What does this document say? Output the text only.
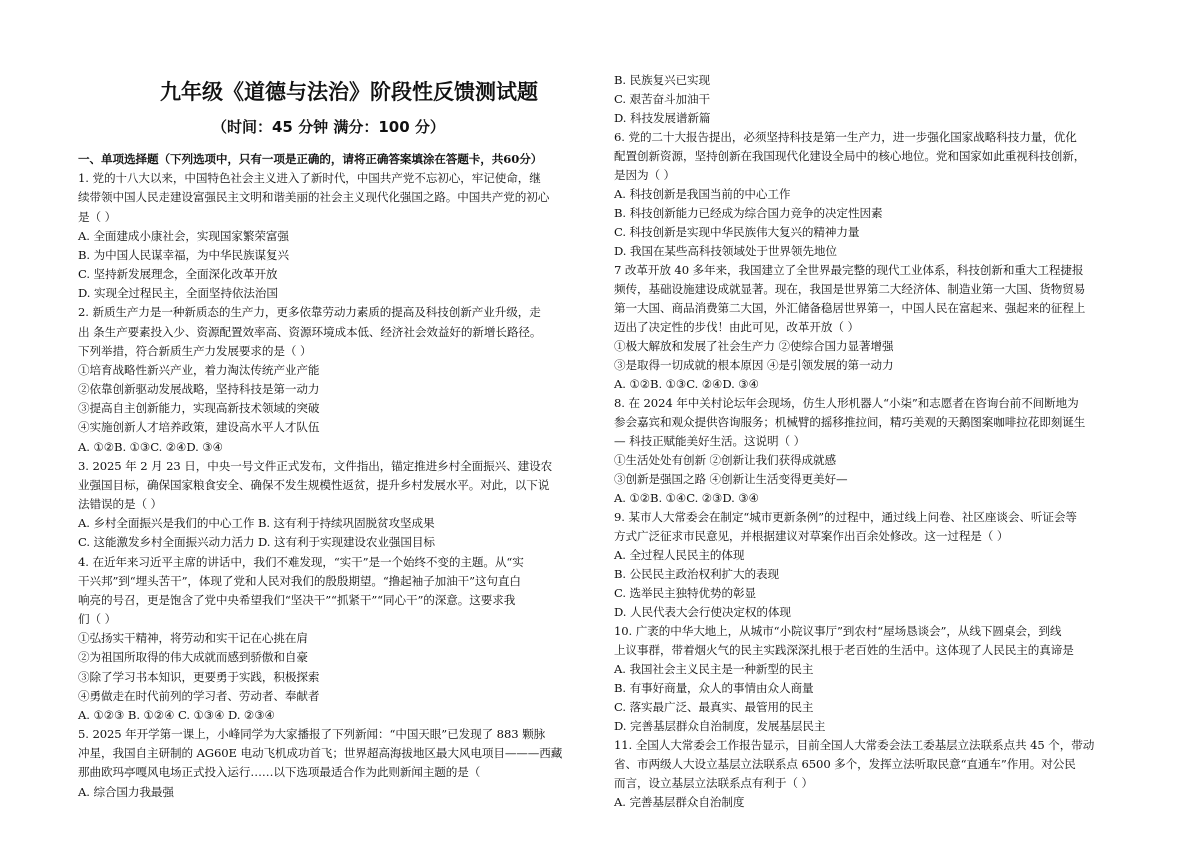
九年级《道德与法治》阶段性反馈测试题
（时间：45 分钟 满分：100 分）
一、单项选择题（下列选项中，只有一项是正确的，请将正确答案填涂在答题卡，共60分）
1. 党的十八大以来，中国特色社会主义进入了新时代，中国共产党不忘初心，牢记使命，继
续带领中国人民走建设富强民主文明和谐美丽的社会主义现代化强国之路。中国共产党的初心
是（ ）
A. 全面建成小康社会，实现国家繁荣富强
B. 为中国人民谋幸福，为中华民族谋复兴
C. 坚持新发展理念，全面深化改革开放
D. 实现全过程民主，全面坚持依法治国
2. 新质生产力是一种新质态的生产力，更多依靠劳动力素质的提高及科技创新产业升级，走
出 条生产要素投入少、资源配置效率高、资源环境成本低、经济社会效益好的新增长路径。
下列举措，符合新质生产力发展要求的是（ ）
①培育战略性新兴产业，着力淘汰传统产业产能
②依靠创新驱动发展战略，坚持科技是第一动力
③提高自主创新能力，实现高新技术领域的突破
④实施创新人才培养政策，建设高水平人才队伍
A. ①②B. ①③C. ②④D. ③④
3. 2025 年 2 月 23 日，中央一号文件正式发布，文件指出，锚定推进乡村全面振兴、建设农
业强国目标，确保国家粮食安全、确保不发生规模性返贫，提升乡村发展水平。对此，以下说
法错误的是（ ）
A. 乡村全面振兴是我们的中心工作 B. 这有利于持续巩固脱贫攻坚成果
C. 这能激发乡村全面振兴动力活力 D. 这有利于实现建设农业强国目标
4. 在近年来习近平主席的讲话中，我们不难发现，“实干”是一个始终不变的主题。从“实
干兴邦”到“埋头苦干”，体现了党和人民对我们的殷殷期望。“撸起袖子加油干”这句直白
响亮的号召，更是饱含了党中央希望我们“坚决干”“抓紧干”“同心干”的深意。这要求我
们（ ）
①弘扬实干精神，将劳动和实干记在心挑在肩
②为祖国所取得的伟大成就而感到骄傲和自豪
③除了学习书本知识，更要勇于实践，积极探索
④勇做走在时代前列的学习者、劳动者、奉献者
A. ①②③ B. ①②④ C. ①③④ D. ②③④
5. 2025 年开学第一课上，小峰同学为大家播报了下列新闻：“中国天眼”已发现了 883 颗脉
冲星，我国自主研制的 AG60E 电动飞机成功首飞；世界超高海拔地区最大风电项目———西藏
那曲欧玛亭嘎风电场正式投入运行……以下选项最适合作为此则新闻主题的是（
A. 综合国力我最强
B. 民族复兴已实现
C. 艰苦奋斗加油干
D. 科技发展谱新篇
6. 党的二十大报告提出，必须坚持科技是第一生产力，进一步强化国家战略科技力量，优化
配置创新资源，坚持创新在我国现代化建设全局中的核心地位。党和国家如此重视科技创新，
是因为（ ）
A. 科技创新是我国当前的中心工作
B. 科技创新能力已经成为综合国力竞争的决定性因素
C. 科技创新是实现中华民族伟大复兴的精神力量
D. 我国在某些高科技领域处于世界领先地位
7 改革开放 40 多年来，我国建立了全世界最完整的现代工业体系，科技创新和重大工程捷报
频传，基础设施建设成就显著。现在，我国是世界第二大经济体、制造业第一大国、货物贸易
第一大国、商品消费第二大国，外汇储备稳居世界第一，中国人民在富起来、强起来的征程上
迈出了决定性的步伐！由此可见，改革开放（ ）
①极大解放和发展了社会生产力 ②使综合国力显著增强
③是取得一切成就的根本原因 ④是引领发展的第一动力
A. ①②B. ①③C. ②④D. ③④
8. 在 2024 年中关村论坛年会现场，仿生人形机器人“小柒”和志愿者在咨询台前不间断地为
参会嘉宾和观众提供咨询服务；机械臂的摇移推拉间，精巧美观的天鹅图案咖啡拉花即刻诞生
— 科技正赋能美好生活。这说明（ ）
①生活处处有创新 ②创新让我们获得成就感
③创新是强国之路 ④创新让生活变得更美好—
A. ①②B. ①④C. ②③D. ③④
9. 某市人大常委会在制定“城市更新条例”的过程中，通过线上问卷、社区座谈会、听证会等
方式广泛征求市民意见，并根据建议对草案作出百余处修改。这一过程是（ ）
A. 全过程人民民主的体现
B. 公民民主政治权利扩大的表现
C. 选举民主独特优势的彰显
D. 人民代表大会行使决定权的体现
10. 广袤的中华大地上，从城市“小院议事厅”到农村“屋场恳谈会”，从线下圆桌会，到线
上议事群，带着烟火气的民主实践深深扎根于老百姓的生活中。这体现了人民民主的真谛是
A. 我国社会主义民主是一种新型的民主
B. 有事好商量，众人的事情由众人商量
C. 落实最广泛、最真实、最管用的民主
D. 完善基层群众自治制度，发展基层民主
11. 全国人大常委会工作报告显示，目前全国人大常委会法工委基层立法联系点共 45 个，带动
省、市两级人大设立基层立法联系点 6500 多个，发挥立法听取民意“直通车”作用。对公民
而言，设立基层立法联系点有利于（ ）
A. 完善基层群众自治制度
